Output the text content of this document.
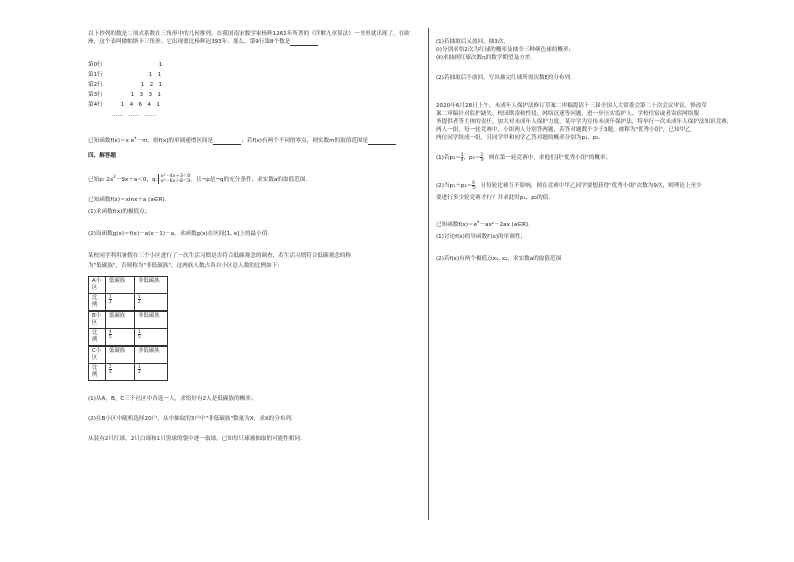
以下抄列的数是二项式系数在三角形中的几何排列。在我国南宋数学家杨辉1261年所著的《详解九章算法》一书里就出现了，在欧洲，这个表叫做帕斯卡三角形。它出现要比杨辉迟393年。那么，第9行第8个数是

第0行	1
第1行	1   1
第2行	1   2   1
第3行	1   3   3   1
第4行	1   4   6   4   1
……   ……   ……

已知函数f(x)＝x $e^x-m$，则f(x)的单调递增区间是	；若f(x)有两个不同的零点，则实数m的取值范围是

四、解答题

已知p: $2x^2-9x+a<0$，q:
x²－4x＋3＜0
x²－6x＋8＜0 ，且¬p是¬q的充分条件，求实数a的取值范围.

已知函数f(x)＝xlnx＋a (a∈R).

(1)求函数f(x)的极值点；

(2)设函数g(x)＝f(x)－a(x－1)－a，求函数g(x)在区间[1, e]上的最小值.

某校同学利用暑假在三个小区进行了一次生活习惯是否符合低碳观念的调查，若生活习惯符合低碳观念的称

为"低碳族"，否则称为"非低碳族"，这两族人数占各自小区总人数的比例如下：

A小区	低碳族	非低碳族
比例	$\frac{1}{2}$	$\frac{1}{2}$
B小区	低碳族	非低碳族
比例	$\frac{4}{5}$	$\frac{1}{5}$
C小区	低碳族	非低碳族
比例	$\frac{2}{3}$	$\frac{1}{3}$

(1)从A，B，C三个社区中各选一人，求恰好有2人是低碳族的概率；

(2)在B小区中随机选择20户，从中抽取的3户中"非低碳族"数量为X，求X的分布列.

从装有2只红球，2只白球和1只黑球的袋中逐一取球，已知每只球被抽取的可能性相同.

(1)若抽取后又放回，抽3次，

(ⅰ)分别求恰2次为红球的概率及抽全三种颜色球的概率；

(ⅱ)求抽到红球次数η的数学期望及方差.

(2)若抽取后不放回，写出抽完红球所需次数ξ的分布列.

2020年6月28日上午，未成年人保护法修订草案二审稿提请十三届全国人大常委会第二十次会议审议。修改草

案二审稿针对监护缺失、校园欺凌和性侵、网络沉迷等问题，进一步压实监护人、学校住宿或者寄宿网络服

务提供者等主体的责任，加大对未成年人保护力度。某中学为宣传未成年保护法，特举行一次未成年人保护法知识竞赛，

两人一组，每一轮竞赛中，小组两人分别答两题，若答对题数不少于3题，被称为"优秀小组"，已知甲乙

两位同学组成一组，且同学甲和同学乙答对题的概率分别为p₁，p₂.

(1)若$p_1= \frac{3}{4}$ ，$p_2= \frac{2}{3}$ ，则在第一轮竞赛中，求他们获"优秀小组"的概率；

(2)当$p_1+p_2= \frac{6}{5}$ ，且每轮比赛互不影响，则在竞赛中甲乙同学要想获得"优秀小组"次数为9次，则理论上至少

要进行多少轮竞赛才行？并求此时p₁，p₂的值.

已知函数$f(x)=e^x-ax^2-2ax$ (a∈R).

(1)讨论f(x)的导函数f′(x)的单调性；

(2)若f(x)有两个极值点x₁, x₂，求实数a的取值范围
